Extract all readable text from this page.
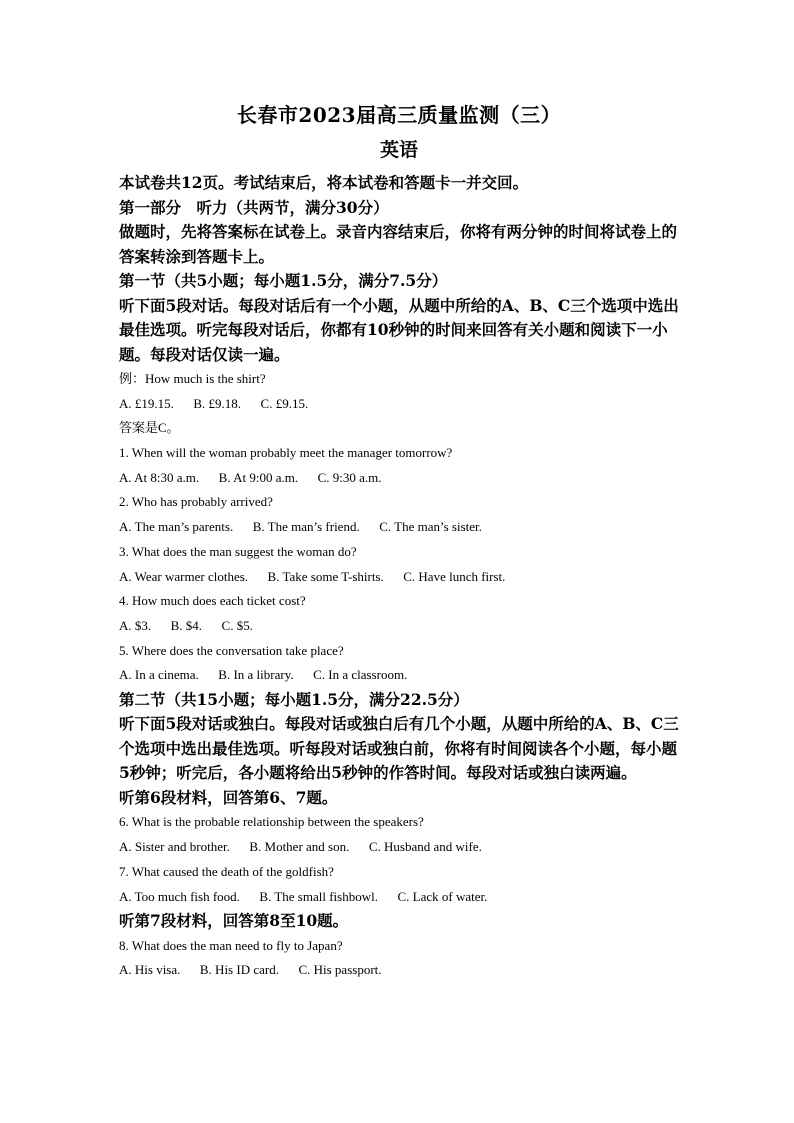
长春市2023届高三质量监测（三）
英语

本试卷共12页。考试结束后，将本试卷和答题卡一并交回。

第一部分　听力（共两节，满分30分）

做题时，先将答案标在试卷上。录音内容结束后，你将有两分钟的时间将试卷上的答案转涂到答题卡上。

第一节（共5小题；每小题1.5分，满分7.5分）

听下面5段对话。每段对话后有一个小题，从题中所给的A、B、C三个选项中选出最佳选项。听完每段对话后，你都有10秒钟的时间来回答有关小题和阅读下一小题。每段对话仅读一遍。

例：How much is the shirt?

A. £19.15.      B. £9.18.      C. £9.15.

答案是C。

1. When will the woman probably meet the manager tomorrow?

A. At 8:30 a.m.      B. At 9:00 a.m.      C. 9:30 a.m.

2. Who has probably arrived?

A. The man’s parents.      B. The man’s friend.      C. The man’s sister.

3. What does the man suggest the woman do?

A. Wear warmer clothes.      B. Take some T-shirts.      C. Have lunch first.

4. How much does each ticket cost?

A. $3.      B. $4.      C. $5.

5. Where does the conversation take place?

A. In a cinema.      B. In a library.      C. In a classroom.

第二节（共15小题；每小题1.5分，满分22.5分）

听下面5段对话或独白。每段对话或独白后有几个小题，从题中所给的A、B、C三个选项中选出最佳选项。听每段对话或独白前，你将有时间阅读各个小题，每小题5秒钟；听完后，各小题将给出5秒钟的作答时间。每段对话或独白读两遍。

听第6段材料，回答第6、7题。

6. What is the probable relationship between the speakers?

A. Sister and brother.      B. Mother and son.      C. Husband and wife.

7. What caused the death of the goldfish?

A. Too much fish food.      B. The small fishbowl.      C. Lack of water.

听第7段材料，回答第8至10题。

8. What does the man need to fly to Japan?

A. His visa.      B. His ID card.      C. His passport.
